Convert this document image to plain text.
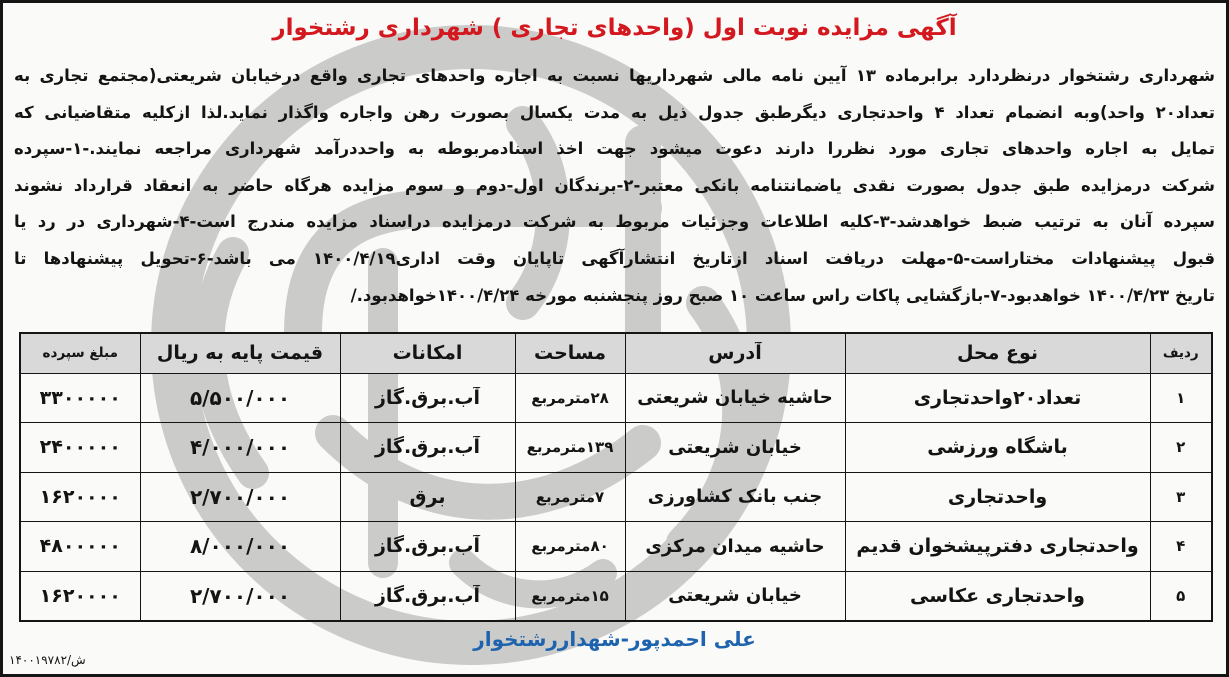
آگهی مزایده نوبت اول (واحدهای تجاری ) شهرداری رشتخوار
شهرداری رشتخوار درنظردارد برابرماده ۱۳ آیین نامه مالی شهرداریها نسبت به اجاره واحدهای تجاری واقع درخیابان شریعتی(مجتمع تجاری به
تعداد۲۰ واحد)وبه انضمام تعداد ۴ واحدتجاری دیگرطبق جدول ذیل به مدت یکسال بصورت رهن واجاره واگذار نماید.لذا ازکلیه متقاضیانی که
تمایل به اجاره واحدهای تجاری مورد نظررا دارند دعوت میشود جهت اخذ اسنادمربوطه به واحددرآمد شهرداری مراجعه نمایند.-۱-سپرده
شرکت درمزایده طبق جدول بصورت نقدی یاضمانتنامه بانکی معتبر-۲-برندگان اول-دوم و سوم مزایده هرگاه حاضر به انعقاد قرارداد نشوند
سپرده آنان به ترتیب ضبط خواهدشد-۳-کلیه اطلاعات وجزئیات مربوط به شرکت درمزایده دراسناد مزایده مندرج است-۴-شهرداری در رد یا
قبول پیشنهادات مختاراست-۵-مهلت دریافت اسناد ازتاریخ انتشارآگهی تاپایان وقت اداری۱۴۰۰/۴/۱۹ می باشد-۶-تحویل پیشنهادها تا
تاریخ ۱۴۰۰/۴/۲۳ خواهدبود-۷-بازگشایی پاکات راس ساعت ۱۰ صبح روز پنجشنبه مورخه ۱۴۰۰/۴/۲۴خواهدبود./
ردیف	نوع محل	آدرس	مساحت	امکانات	قیمت پایه به ریال	مبلغ سپرده

۱	تعداد۲۰واحدتجاری	حاشیه خیابان شریعتی	۲۸مترمربع	آب.برق.گاز	۵/۵۰۰/۰۰۰	۳۳۰۰۰۰۰

۲	باشگاه ورزشی	خیابان شریعتی	۱۳۹مترمربع	آب.برق.گاز	۴/۰۰۰/۰۰۰	۲۴۰۰۰۰۰

۳	واحدتجاری	جنب بانک کشاورزی	۷مترمربع	برق	۲/۷۰۰/۰۰۰	۱۶۲۰۰۰۰

۴	واحدتجاری دفترپیشخوان قدیم	حاشیه میدان مرکزی	۸۰مترمربع	آب.برق.گاز	۸/۰۰۰/۰۰۰	۴۸۰۰۰۰۰

۵	واحدتجاری عکاسی	خیابان شریعتی	۱۵مترمربع	آب.برق.گاز	۲/۷۰۰/۰۰۰	۱۶۲۰۰۰۰
علی احمدپور-شهداررشتخوار
ش/۱۴۰۰۱۹۷۸۲
